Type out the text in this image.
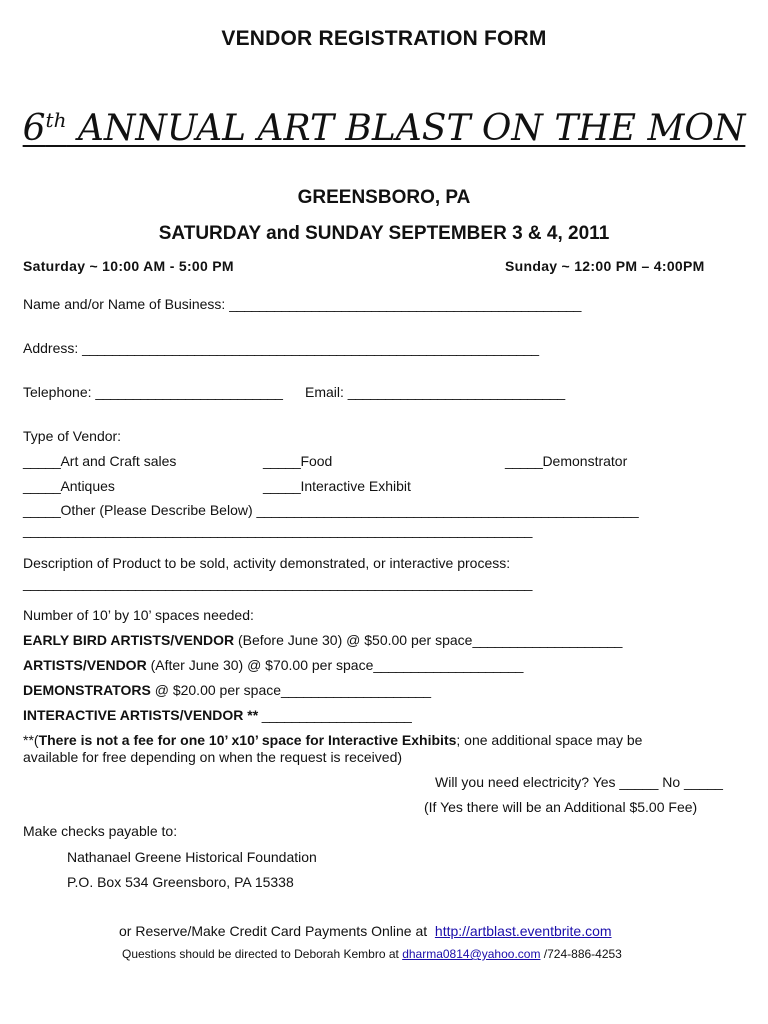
VENDOR REGISTRATION FORM
6th ANNUAL ART BLAST ON THE MON
GREENSBORO, PA
SATURDAY and SUNDAY SEPTEMBER 3 & 4, 2011
Saturday ~ 10:00 AM - 5:00 PM	Sunday ~ 12:00 PM – 4:00PM
Name and/or Name of Business: _______________________________________________
Address: _____________________________________________________________
Telephone: _________________________ Email: _____________________________
Type of Vendor:
_____Art and Craft sales	_____Food	_____Demonstrator
_____Antiques	_____Interactive Exhibit
_____Other (Please Describe Below) ___________________________________________________
____________________________________________________________________
Description of Product to be sold, activity demonstrated, or interactive process:
____________________________________________________________________
Number of 10’ by 10’ spaces needed:
EARLY BIRD ARTISTS/VENDOR (Before June 30) @ $50.00 per space____________________
ARTISTS/VENDOR (After June 30) @ $70.00 per space____________________
DEMONSTRATORS @ $20.00 per space____________________
INTERACTIVE ARTISTS/VENDOR ** ____________________
**(There is not a fee for one 10’ x10’ space for Interactive Exhibits; one additional space may be
available for free depending on when the request is received)
Will you need electricity? Yes _____ No _____
(If Yes there will be an Additional $5.00 Fee)
Make checks payable to:
Nathanael Greene Historical Foundation
P.O. Box 534 Greensboro, PA 15338
or Reserve/Make Credit Card Payments Online at http://artblast.eventbrite.com
Questions should be directed to Deborah Kembro at dharma0814@yahoo.com /724-886-4253
